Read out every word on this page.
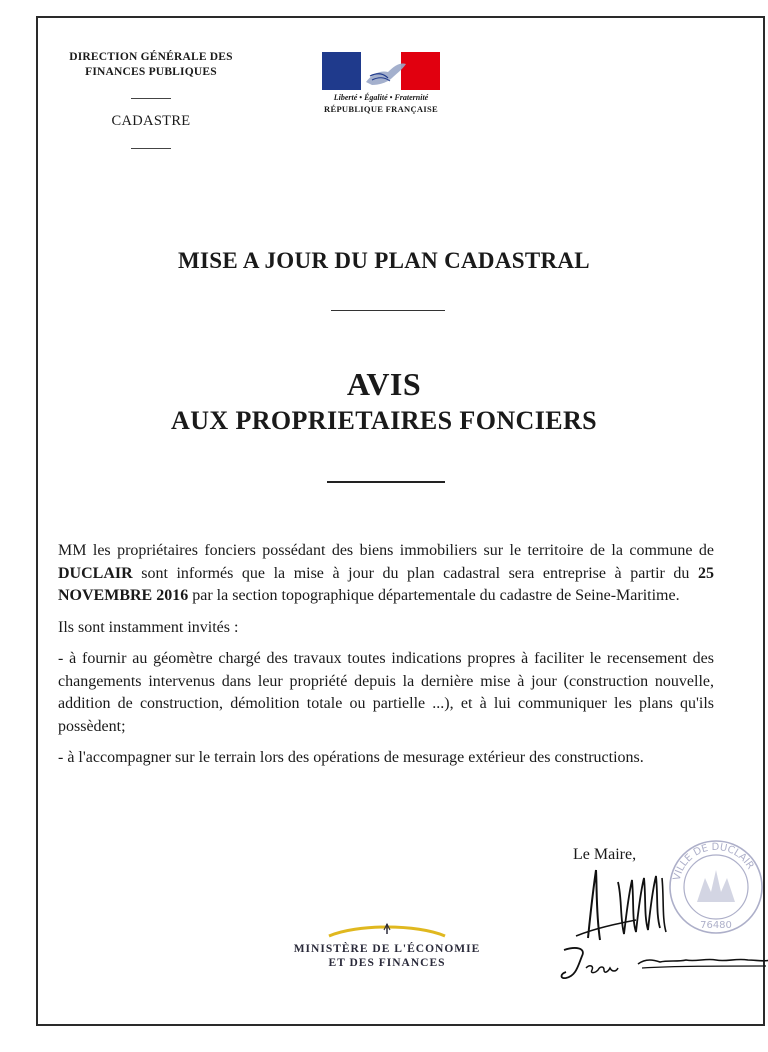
DIRECTION GÉNÉRALE DES
FINANCES PUBLIQUES
CADASTRE
Liberté • Égalité • Fraternité
RÉPUBLIQUE FRANÇAISE
MISE A JOUR DU PLAN CADASTRAL
AVIS
AUX PROPRIETAIRES FONCIERS

MM les propriétaires fonciers possédant des biens immobiliers sur le territoire de la commune de DUCLAIR sont informés que la mise à jour du plan cadastral sera entreprise à partir du 25 NOVEMBRE 2016 par la section topographique départementale du cadastre de Seine-Maritime.

Ils sont instamment invités :

- à fournir au géomètre chargé des travaux toutes indications propres à faciliter le recensement des changements intervenus dans leur propriété depuis la dernière mise à jour (construction nouvelle, addition de construction, démolition totale ou partielle ...), et à lui communiquer les plans qu'ils possèdent;

- à l'accompagner sur le terrain lors des opérations de mesurage extérieur des constructions.

Le Maire,
VILLE DE DUCLAIR
76480
MINISTÈRE DE L'ÉCONOMIE
ET DES FINANCES
